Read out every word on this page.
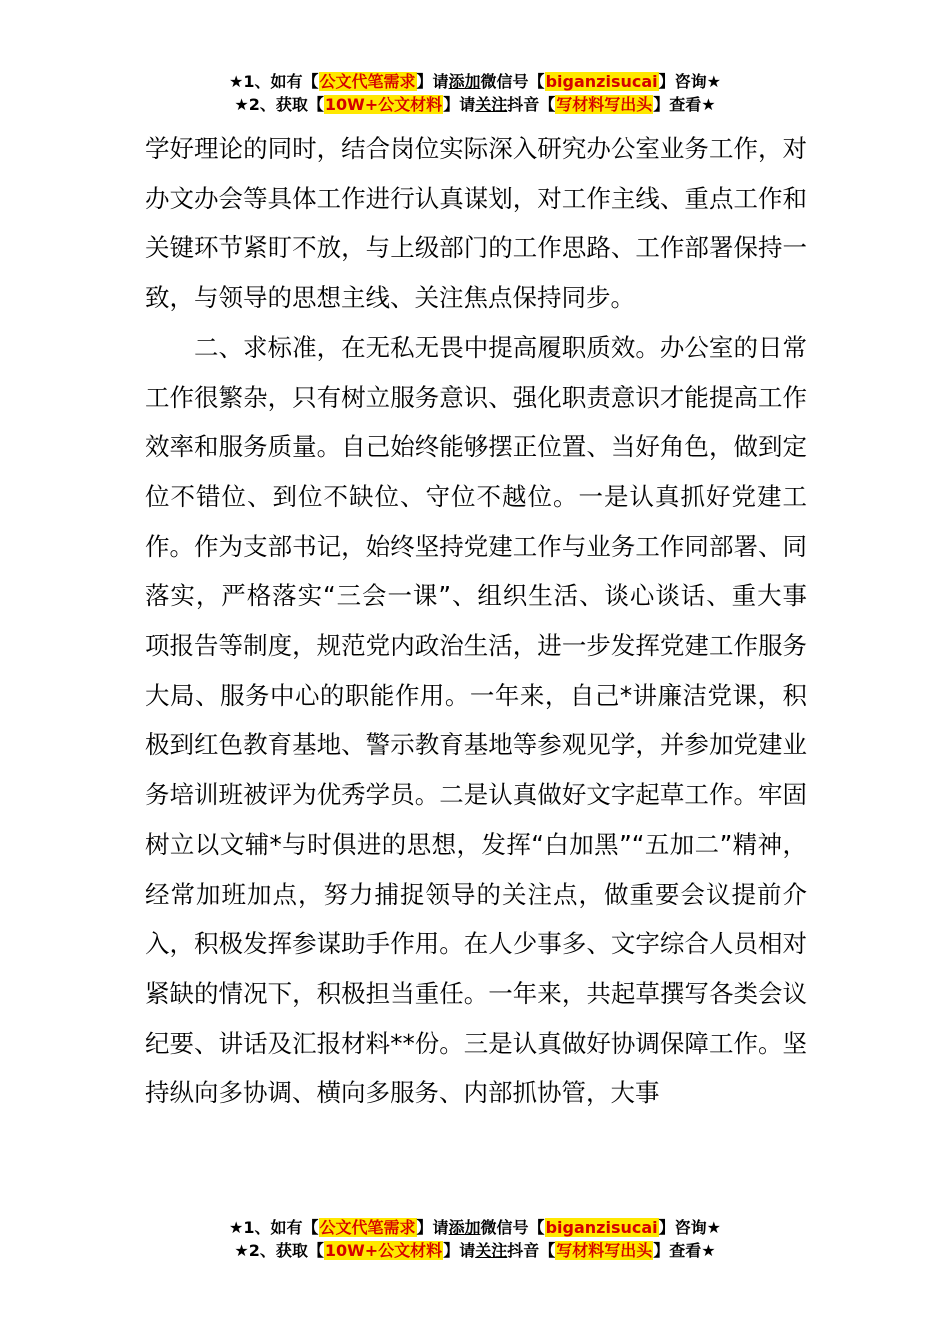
★1、如有【公文代笔需求】请添加微信号【biganzisucai】咨询★
★2、获取【10W+公文材料】请关注抖音【写材料写出头】查看★

学好理论的同时，结合岗位实际深入研究办公室业务工作，对办文办会等具体工作进行认真谋划，对工作主线、重点工作和关键环节紧盯不放，与上级部门的工作思路、工作部署保持一致，与领导的思想主线、关注焦点保持同步。

二、求标准，在无私无畏中提高履职质效。办公室的日常工作很繁杂，只有树立服务意识、强化职责意识才能提高工作效率和服务质量。自己始终能够摆正位置、当好角色，做到定位不错位、到位不缺位、守位不越位。一是认真抓好党建工作。作为支部书记，始终坚持党建工作与业务工作同部署、同落实，严格落实“三会一课”、组织生活、谈心谈话、重大事项报告等制度，规范党内政治生活，进一步发挥党建工作服务大局、服务中心的职能作用。一年来，自己*讲廉洁党课，积极到红色教育基地、警示教育基地等参观见学，并参加党建业务培训班被评为优秀学员。二是认真做好文字起草工作。牢固树立以文辅*与时俱进的思想，发挥“白加黑”“五加二”精神，经常加班加点，努力捕捉领导的关注点，做重要会议提前介入，积极发挥参谋助手作用。在人少事多、文字综合人员相对紧缺的情况下，积极担当重任。一年来，共起草撰写各类会议纪要、讲话及汇报材料**份。三是认真做好协调保障工作。坚持纵向多协调、横向多服务、内部抓协管，大事

★1、如有【公文代笔需求】请添加微信号【biganzisucai】咨询★
★2、获取【10W+公文材料】请关注抖音【写材料写出头】查看★
